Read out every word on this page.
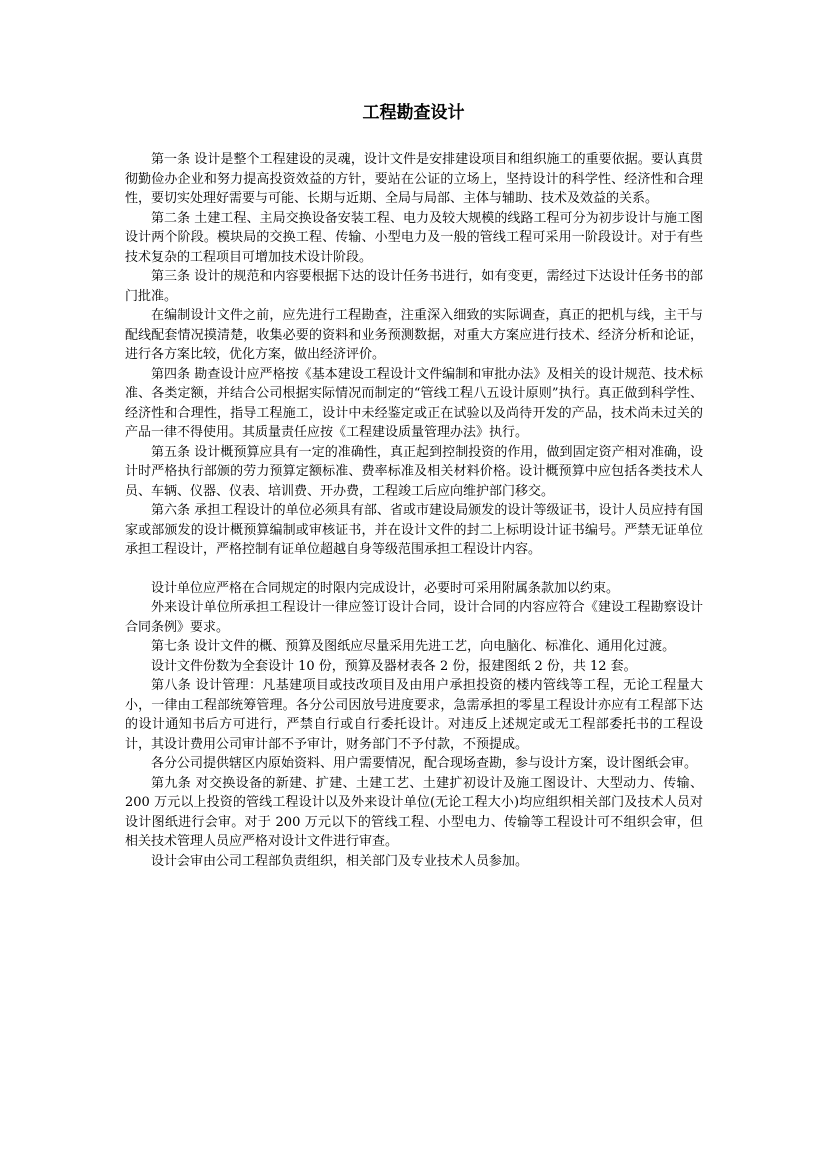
工程勘查设计

第一条 设计是整个工程建设的灵魂，设计文件是安排建设项目和组织施工的重要依据。要认真贯彻勤俭办企业和努力提高投资效益的方针，要站在公证的立场上，坚持设计的科学性、经济性和合理性，要切实处理好需要与可能、长期与近期、全局与局部、主体与辅助、技术及效益的关系。

第二条 土建工程、主局交换设备安装工程、电力及较大规模的线路工程可分为初步设计与施工图设计两个阶段。模块局的交换工程、传输、小型电力及一般的管线工程可采用一阶段设计。对于有些技术复杂的工程项目可增加技术设计阶段。

第三条 设计的规范和内容要根据下达的设计任务书进行，如有变更，需经过下达设计任务书的部门批准。

在编制设计文件之前，应先进行工程勘查，注重深入细致的实际调查，真正的把机与线，主干与配线配套情况摸清楚，收集必要的资料和业务预测数据，对重大方案应进行技术、经济分析和论证，进行各方案比较，优化方案，做出经济评价。

第四条 勘查设计应严格按《基本建设工程设计文件编制和审批办法》及相关的设计规范、技术标准、各类定额，并结合公司根据实际情况而制定的“管线工程八五设计原则”执行。真正做到科学性、经济性和合理性，指导工程施工，设计中未经鉴定或正在试验以及尚待开发的产品，技术尚未过关的产品一律不得使用。其质量责任应按《工程建设质量管理办法》执行。

第五条 设计概预算应具有一定的准确性，真正起到控制投资的作用，做到固定资产相对准确，设计时严格执行部颁的劳力预算定额标准、费率标准及相关材料价格。设计概预算中应包括各类技术人员、车辆、仪器、仪表、培训费、开办费，工程竣工后应向维护部门移交。

第六条 承担工程设计的单位必须具有部、省或市建设局颁发的设计等级证书，设计人员应持有国家或部颁发的设计概预算编制或审核证书，并在设计文件的封二上标明设计证书编号。严禁无证单位承担工程设计，严格控制有证单位超越自身等级范围承担工程设计内容。

设计单位应严格在合同规定的时限内完成设计，必要时可采用附属条款加以约束。

外来设计单位所承担工程设计一律应签订设计合同，设计合同的内容应符合《建设工程勘察设计合同条例》要求。

第七条 设计文件的概、预算及图纸应尽量采用先进工艺，向电脑化、标准化、通用化过渡。

设计文件份数为全套设计 10 份，预算及器材表各 2 份，报建图纸 2 份，共 12 套。

第八条 设计管理：凡基建项目或技改项目及由用户承担投资的楼内管线等工程，无论工程量大小，一律由工程部统筹管理。各分公司因放号进度要求，急需承担的零星工程设计亦应有工程部下达的设计通知书后方可进行，严禁自行或自行委托设计。对违反上述规定或无工程部委托书的工程设计，其设计费用公司审计部不予审计，财务部门不予付款，不预提成。

各分公司提供辖区内原始资料、用户需要情况，配合现场查勘，参与设计方案，设计图纸会审。

第九条 对交换设备的新建、扩建、土建工艺、土建扩初设计及施工图设计、大型动力、传输、200 万元以上投资的管线工程设计以及外来设计单位(无论工程大小)均应组织相关部门及技术人员对设计图纸进行会审。对于 200 万元以下的管线工程、小型电力、传输等工程设计可不组织会审，但相关技术管理人员应严格对设计文件进行审查。

设计会审由公司工程部负责组织，相关部门及专业技术人员参加。
